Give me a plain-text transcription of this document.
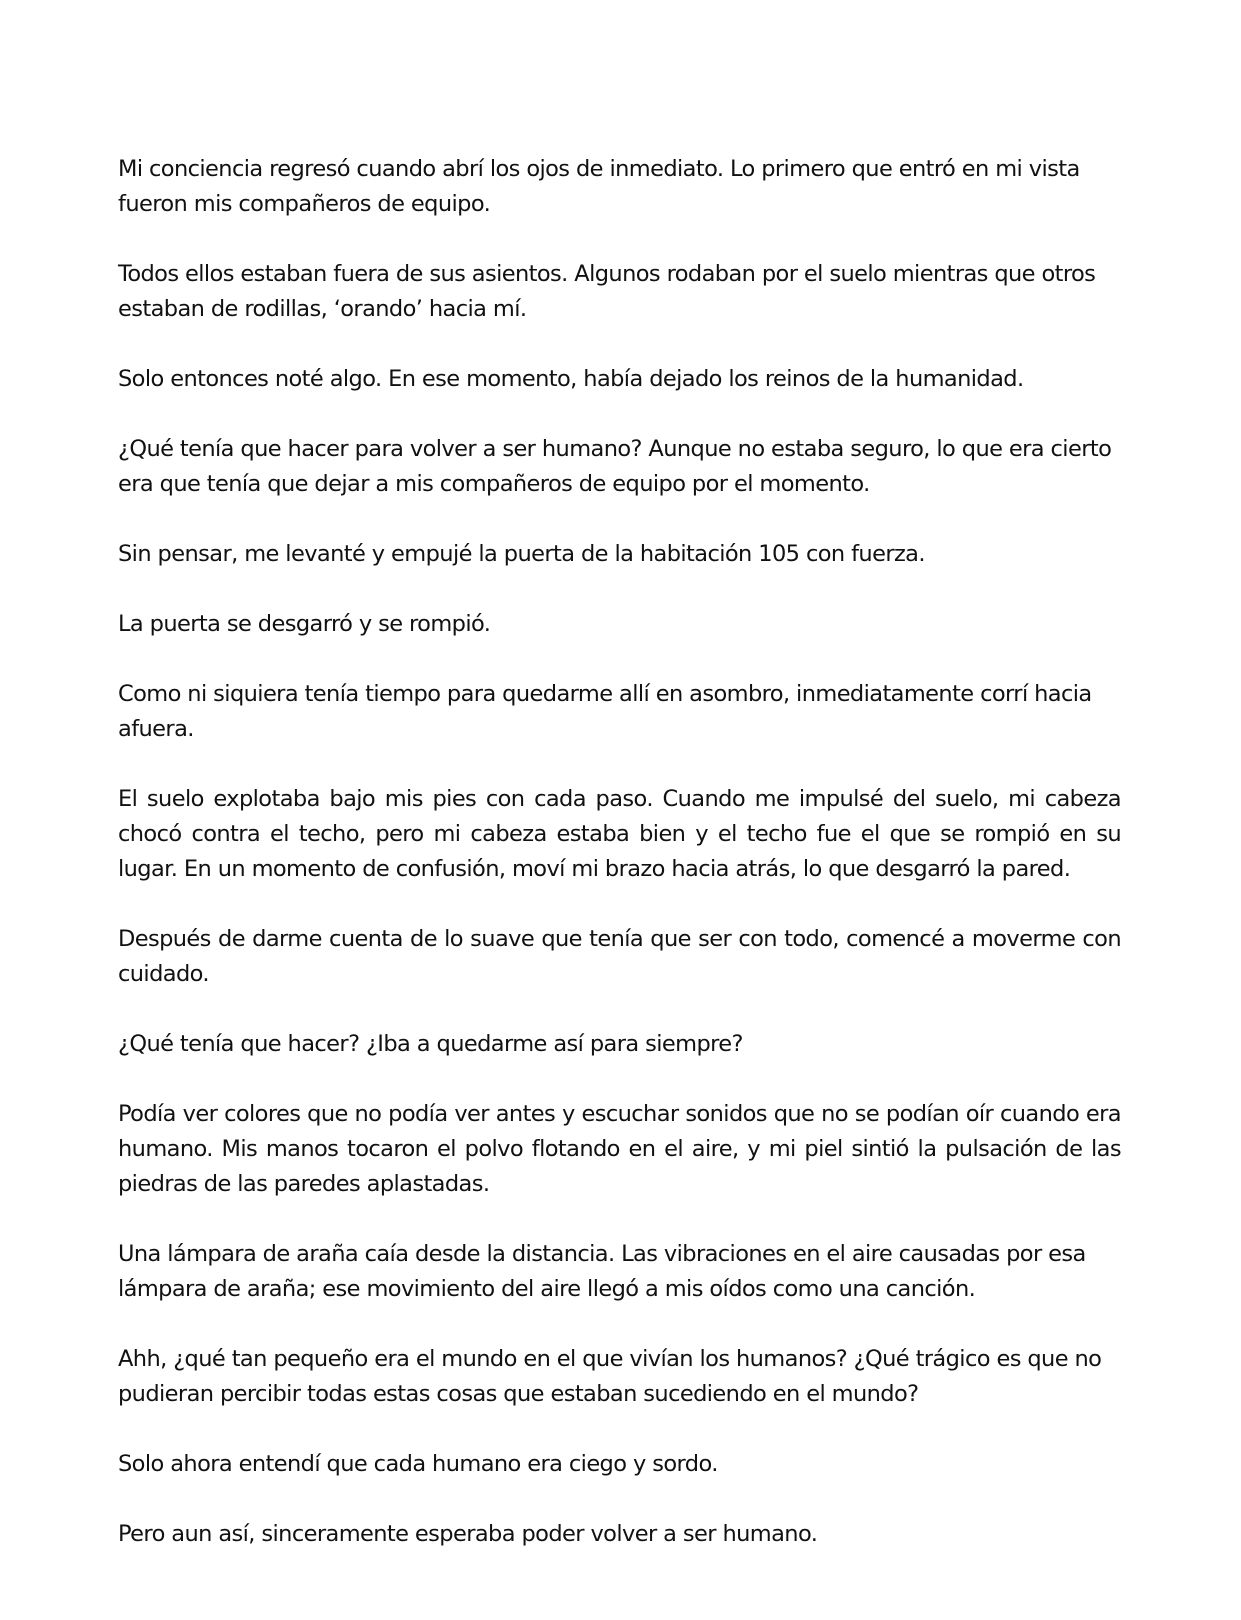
Mi conciencia regresó cuando abrí los ojos de inmediato. Lo primero que entró en mi vista fueron mis compañeros de equipo.

Todos ellos estaban fuera de sus asientos. Algunos rodaban por el suelo mientras que otros estaban de rodillas, ‘orando’ hacia mí.

Solo entonces noté algo. En ese momento, había dejado los reinos de la humanidad.

¿Qué tenía que hacer para volver a ser humano? Aunque no estaba seguro, lo que era cierto era que tenía que dejar a mis compañeros de equipo por el momento.

Sin pensar, me levanté y empujé la puerta de la habitación 105 con fuerza.

La puerta se desgarró y se rompió.

Como ni siquiera tenía tiempo para quedarme allí en asombro, inmediatamente corrí hacia afuera.

El suelo explotaba bajo mis pies con cada paso. Cuando me impulsé del suelo, mi cabeza chocó contra el techo, pero mi cabeza estaba bien y el techo fue el que se rompió en su lugar. En un momento de confusión, moví mi brazo hacia atrás, lo que desgarró la pared.

Después de darme cuenta de lo suave que tenía que ser con todo, comencé a moverme con cuidado.

¿Qué tenía que hacer? ¿Iba a quedarme así para siempre?

Podía ver colores que no podía ver antes y escuchar sonidos que no se podían oír cuando era humano. Mis manos tocaron el polvo flotando en el aire, y mi piel sintió la pulsación de las piedras de las paredes aplastadas.

Una lámpara de araña caía desde la distancia. Las vibraciones en el aire causadas por esa lámpara de araña; ese movimiento del aire llegó a mis oídos como una canción.

Ahh, ¿qué tan pequeño era el mundo en el que vivían los humanos? ¿Qué trágico es que no pudieran percibir todas estas cosas que estaban sucediendo en el mundo?

Solo ahora entendí que cada humano era ciego y sordo.

Pero aun así, sinceramente esperaba poder volver a ser humano.
